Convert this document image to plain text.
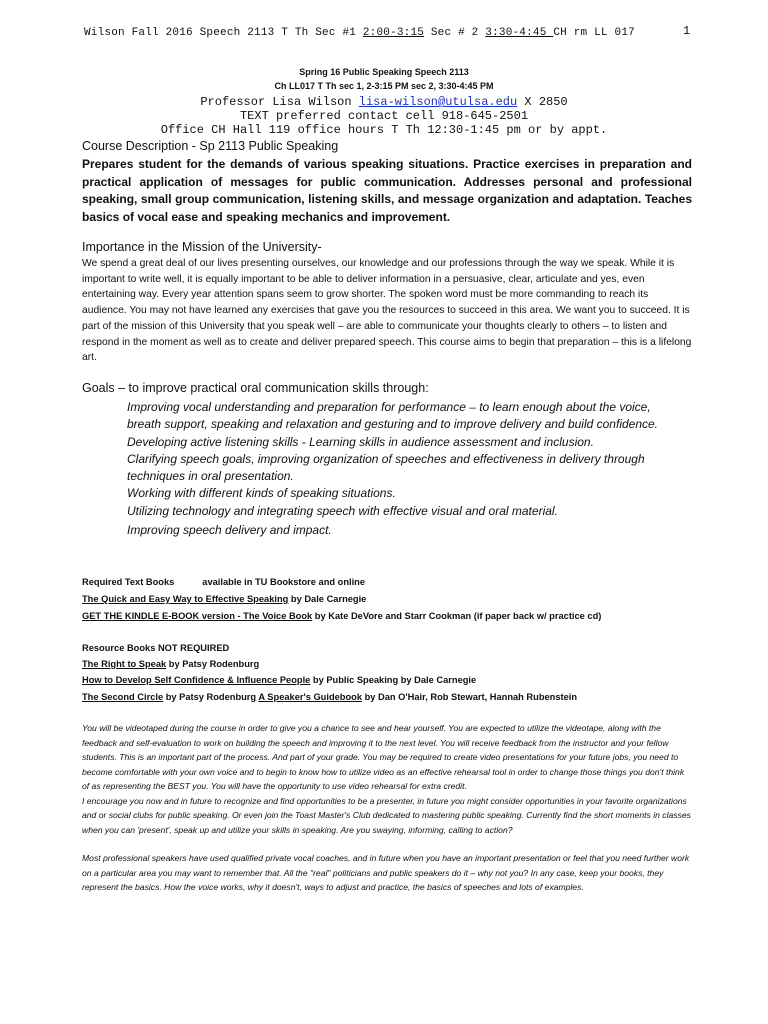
Wilson Fall 2016 Speech 2113 T Th Sec #1 2:00-3:15 Sec # 2 3:30-4:45 CH rm LL 017	1
Spring 16 Public Speaking Speech 2113
Ch LL017 T Th sec 1, 2-3:15 PM sec 2, 3:30-4:45 PM
Professor Lisa Wilson lisa-wilson@utulsa.edu X 2850
TEXT preferred contact cell 918-645-2501
Office CH Hall 119 office hours T Th 12:30-1:45 pm or by appt.
Course Description - Sp 2113 Public Speaking
Prepares student for the demands of various speaking situations. Practice exercises in preparation and practical application of messages for public communication. Addresses personal and professional speaking, small group communication, listening skills, and message organization and adaptation. Teaches basics of vocal ease and speaking mechanics and improvement.
Importance in the Mission of the University-
We spend a great deal of our lives presenting ourselves, our knowledge and our professions through the way we speak. While it is important to write well, it is equally important to be able to deliver information in a persuasive, clear, articulate and yes, even entertaining way. Every year attention spans seem to grow shorter. The spoken word must be more commanding to reach its audience. You may not have learned any exercises that gave you the resources to succeed in this area. We want you to succeed. It is part of the mission of this University that you speak well – are able to communicate your thoughts clearly to others – to listen and respond in the moment as well as to create and deliver prepared speech. This course aims to begin that preparation – this is a lifelong art.
Goals – to improve practical oral communication skills through:

Improving vocal understanding and preparation for performance – to learn enough about the voice, breath support, speaking and relaxation and gesturing and to improve delivery and build confidence.

Developing active listening skills - Learning skills in audience assessment and inclusion.

Clarifying speech goals, improving organization of speeches and effectiveness in delivery through techniques in oral presentation.

Working with different kinds of speaking situations.

Utilizing technology and integrating speech with effective visual and oral material.

Improving speech delivery and impact.

Required Text Books	available in TU Bookstore and online
The Quick and Easy Way to Effective Speaking by Dale Carnegie
GET THE KINDLE E-BOOK version - The Voice Book by Kate DeVore and Starr Cookman (if paper back w/ practice cd)
Resource Books NOT REQUIRED
The Right to Speak by Patsy Rodenburg
How to Develop Self Confidence & Influence People by Public Speaking by Dale Carnegie
The Second Circle by Patsy Rodenburg A Speaker's Guidebook by Dan O'Hair, Rob Stewart, Hannah Rubenstein

You will be videotaped during the course in order to give you a chance to see and hear yourself. You are expected to utilize the videotape, along with the feedback and self-evaluation to work on building the speech and improving it to the next level. You will receive feedback from the instructor and your fellow students. This is an important part of the process. And part of your grade. You may be required to create video presentations for your future jobs, you need to become comfortable with your own voice and to begin to know how to utilize video as an effective rehearsal tool in order to change those things you don't think of as representing the BEST you. You will have the opportunity to use video rehearsal for extra credit.

I encourage you now and in future to recognize and find opportunities to be a presenter, in future you might consider opportunities in your favorite organizations and or social clubs for public speaking. Or even join the Toast Master's Club dedicated to mastering public speaking. Currently find the short moments in classes when you can 'present', speak up and utilize your skills in speaking. Are you swaying, informing, calling to action?

Most professional speakers have used qualified private vocal coaches, and in future when you have an important presentation or feel that you need further work on a particular area you may want to remember that. All the "real" politicians and public speakers do it – why not you? In any case, keep your books, they represent the basics. How the voice works, why it doesn't, ways to adjust and practice, the basics of speeches and lots of examples.
